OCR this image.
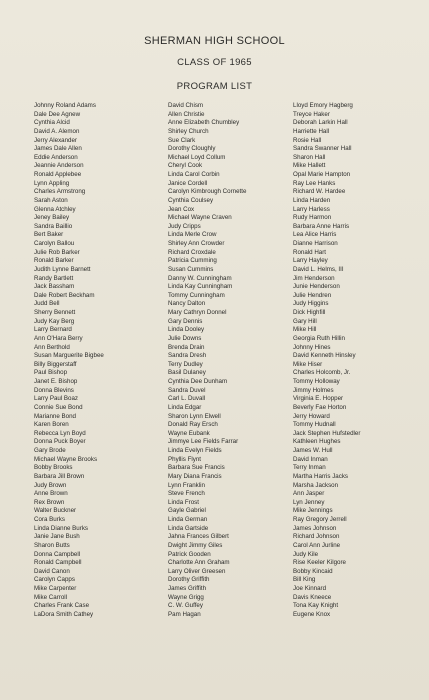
SHERMAN HIGH SCHOOL
CLASS OF 1965
PROGRAM LIST
Johnny Roland Adams
Dale Dee Agnew
Cynthia Alcid
David A. Alemon
Jerry Alexander
James Dale Allen
Eddie Anderson
Jeannie Anderson
Ronald Applebee
Lynn Appling
Charles Armstrong
Sarah Aston
Glenna Atchley
Jeney Bailey
Sandra Baillio
Bert Baker
Carolyn Ballou
Julie Rob Barker
Ronald Barker
Judith Lynne Barnett
Randy Bartlett
Jack Bassham
Dale Robert Beckham
Judd Bell
Sherry Bennett
Judy Kay Berg
Larry Bernard
Ann O'Hara Berry
Ann Berthold
Susan Marguerite Bigbee
Billy Biggerstaff
Paul Bishop
Janet E. Bishop
Donna Blevins
Larry Paul Boaz
Connie Sue Bond
Marianne Bond
Karen Boren
Rebecca Lyn Boyd
Donna Puck Boyer
Gary Brode
Michael Wayne Brooks
Bobby Brooks
Barbara Jill Brown
Judy Brown
Anne Brown
Rex Brown
Walter Buckner
Cora Burks
Linda Dianne Burks
Janie Jane Bush
Sharon Butts
Donna Campbell
Ronald Campbell
David Canon
Carolyn Capps
Mike Carpenter
Mike Carroll
Charles Frank Case
LaDora Smith Cathey
David Chism
Allen Christie
Anne Elizabeth Chumbley
Shirley Church
Sue Clark
Dorothy Cloughly
Michael Loyd Collum
Cheryl Cook
Linda Carol Corbin
Janice Cordell
Carolyn Kimbrough Cornette
Cynthia Coulsey
Jean Cox
Michael Wayne Craven
Judy Cripps
Linda Merle Crow
Shirley Ann Crowder
Richard Croxdale
Patricia Cumming
Susan Cummins
Danny W. Cunningham
Linda Kay Cunningham
Tommy Cunningham
Nancy Dalton
Mary Cathryn Donnel
Gary Dennis
Linda Dooley
Julie Downs
Brenda Drain
Sandra Dresh
Terry Dudley
Basil Dulaney
Cynthia Dee Dunham
Sandra Duvel
Carl L. Duvall
Linda Edgar
Sharon Lynn Elwell
Donald Ray Ersch
Wayne Eubank
Jimmye Lee Fields Farrar
Linda Evelyn Fields
Phyllis Flynt
Barbara Sue Francis
Mary Diana Francis
Lynn Franklin
Steve French
Linda Frost
Gayle Gabriel
Linda German
Linda Gartside
Jahna Frances Gilbert
Dwight Jimmy Giles
Patrick Gooden
Charlotte Ann Graham
Larry Oliver Greesen
Dorothy Griffith
James Griffith
Wayne Grigg
C. W. Guffey
Pam Hagan
Lloyd Emory Hagberg
Treyce Haker
Deborah Larkin Hall
Harriette Hall
Rosie Hall
Sandra Swanner Hall
Sharon Hall
Mike Hallett
Opal Marie Hampton
Ray Lee Hanks
Richard W. Hardee
Linda Harden
Larry Harless
Rudy Harmon
Barbara Anne Harris
Lea Alice Harris
Dianne Harrison
Ronald Hart
Larry Hayley
David L. Helms, III
Jim Henderson
Junie Henderson
Julie Hendren
Judy Higgins
Dick Highfill
Gary Hill
Mike Hill
Georgia Ruth Hillin
Johnny Hines
David Kenneth Hinsley
Mike Hiser
Charles Holcomb, Jr.
Tommy Holloway
Jimmy Holmes
Virginia E. Hopper
Beverly Fae Horton
Jerry Howard
Tommy Hudnall
Jack Stephen Hufstedler
Kathleen Hughes
James W. Hull
David Inman
Terry Inman
Martha Harris Jacks
Marsha Jackson
Ann Jasper
Lyn Jenney
Mike Jennings
Ray Gregory Jerrell
James Johnson
Richard Johnson
Carol Ann Jurline
Judy Kile
Rise Keeler Kilgore
Bobby Kincaid
Bill King
Joe Kinnard
Davis Kneece
Tona Kay Knight
Eugene Knox
